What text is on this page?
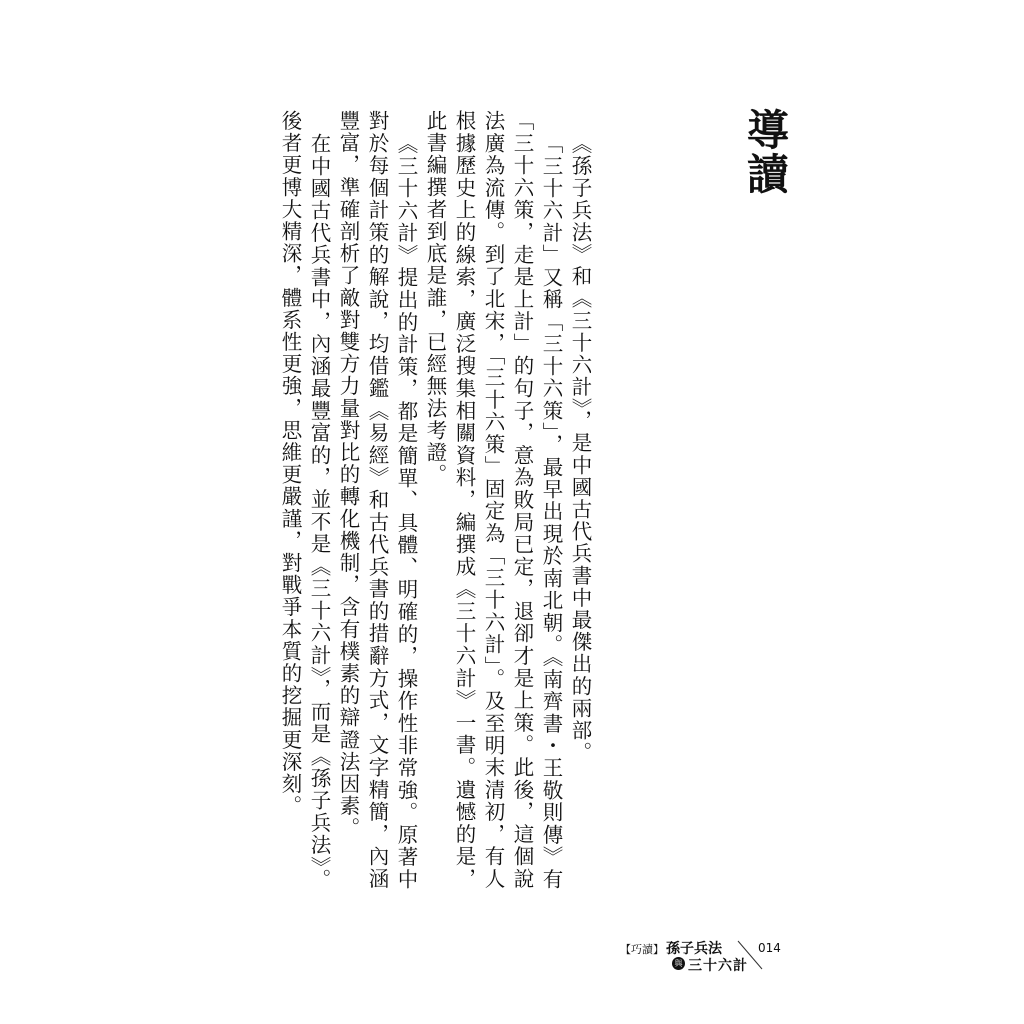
導讀

《孫子兵法》和《三十六計》，是中國古代兵書中最傑出的兩部。

「三十六計」又稱「三十六策」，最早出現於南北朝。《南齊書・王敬則傳》有「三十六策，走是上計」的句子，意為敗局已定，退卻才是上策。此後，這個說法廣為流傳。到了北宋，「三十六策」固定為「三十六計」。及至明末清初，有人根據歷史上的線索，廣泛搜集相關資料，編撰成《三十六計》一書。遺憾的是，此書編撰者到底是誰，已經無法考證。

《三十六計》提出的計策，都是簡單、具體、明確的，操作性非常強。原著中對於每個計策的解說，均借鑑《易經》和古代兵書的措辭方式，文字精簡，內涵豐富，準確剖析了敵對雙方力量對比的轉化機制，含有樸素的辯證法因素。

在中國古代兵書中，內涵最豐富的，並不是《三十六計》，而是《孫子兵法》。後者更博大精深，體系性更強，思維更嚴謹，對戰爭本質的挖掘更深刻。

【巧讀】 孫子兵法
與 三十六計
014
